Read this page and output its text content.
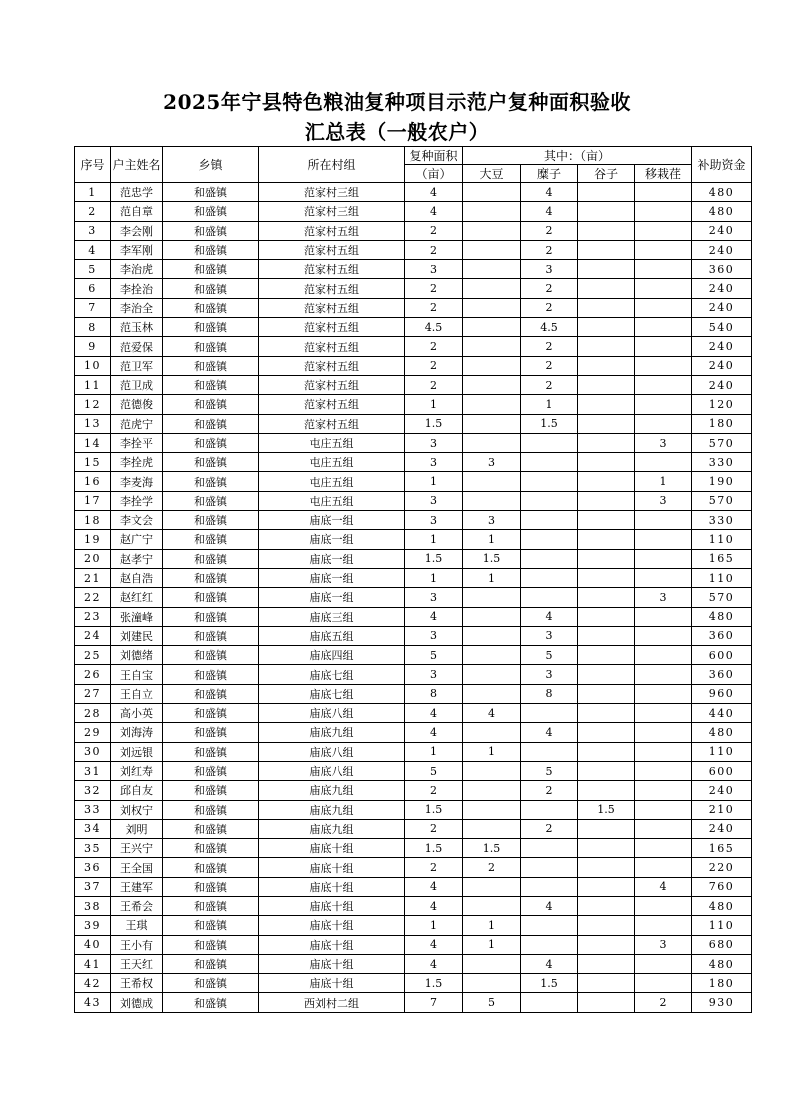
2025年宁县特色粮油复种项目示范户复种面积验收
汇总表（一般农户）
序号	户主姓名	乡镇	所在村组	复种面积	其中：（亩）				补助资金
				（亩）	大豆	糜子	谷子	移栽荏	
1	范忠学	和盛镇	范家村三组	4		4			480
2	范自章	和盛镇	范家村三组	4		4			480
3	李会刚	和盛镇	范家村五组	2		2			240
4	李军刚	和盛镇	范家村五组	2		2			240
5	李治虎	和盛镇	范家村五组	3		3			360
6	李拴治	和盛镇	范家村五组	2		2			240
7	李治全	和盛镇	范家村五组	2		2			240
8	范玉林	和盛镇	范家村五组	4.5		4.5			540
9	范爱保	和盛镇	范家村五组	2		2			240
10	范卫军	和盛镇	范家村五组	2		2			240
11	范卫成	和盛镇	范家村五组	2		2			240
12	范德俊	和盛镇	范家村五组	1		1			120
13	范虎宁	和盛镇	范家村五组	1.5		1.5			180
14	李拴平	和盛镇	屯庄五组	3				3	570
15	李拴虎	和盛镇	屯庄五组	3	3				330
16	李麦海	和盛镇	屯庄五组	1				1	190
17	李拴学	和盛镇	屯庄五组	3				3	570
18	李文会	和盛镇	庙底一组	3	3				330
19	赵广宁	和盛镇	庙底一组	1	1				110
20	赵孝宁	和盛镇	庙底一组	1.5	1.5				165
21	赵自浩	和盛镇	庙底一组	1	1				110
22	赵红红	和盛镇	庙底一组	3				3	570
23	张潼峰	和盛镇	庙底三组	4		4			480
24	刘建民	和盛镇	庙底五组	3		3			360
25	刘德绪	和盛镇	庙底四组	5		5			600
26	王自宝	和盛镇	庙底七组	3		3			360
27	王自立	和盛镇	庙底七组	8		8			960
28	高小英	和盛镇	庙底八组	4	4				440
29	刘海涛	和盛镇	庙底九组	4		4			480
30	刘远银	和盛镇	庙底八组	1	1				110
31	刘红寿	和盛镇	庙底八组	5		5			600
32	邱自友	和盛镇	庙底九组	2		2			240
33	刘权宁	和盛镇	庙底九组	1.5			1.5		210
34	刘明	和盛镇	庙底九组	2		2			240
35	王兴宁	和盛镇	庙底十组	1.5	1.5				165
36	王全国	和盛镇	庙底十组	2	2				220
37	王建军	和盛镇	庙底十组	4				4	760
38	王希会	和盛镇	庙底十组	4		4			480
39	王琪	和盛镇	庙底十组	1	1				110
40	王小有	和盛镇	庙底十组	4	1			3	680
41	王天红	和盛镇	庙底十组	4		4			480
42	王希权	和盛镇	庙底十组	1.5		1.5			180
43	刘德成	和盛镇	西刘村二组	7	5			2	930
